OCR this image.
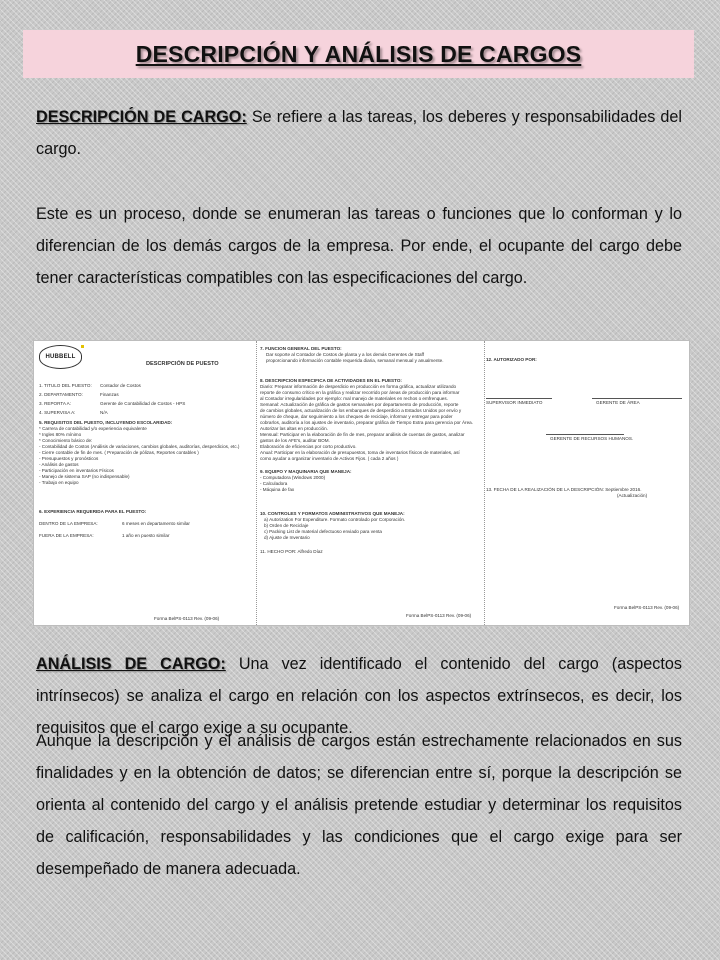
DESCRIPCIÓN Y ANÁLISIS DE CARGOS

DESCRIPCIÓN DE CARGO: Se refiere a las tareas, los deberes y responsabilidades del cargo.

Este es un proceso, donde se enumeran las tareas o funciones que lo conforman y lo diferencian de los demás cargos de la empresa. Por ende, el ocupante del cargo debe tener características compatibles con las especificaciones del cargo.

HUBBELL
DESCRIPCIÓN DE PUESTO
1. TITULO DEL PUESTO: Contador de Costos
2. DEPARTAMENTO:	Finanzas
3. REPORTA A:	Gerente de Contabilidad de Costos - HPS
4. SUPERVISA A:	N/A
5. REQUISITOS DEL PUESTO, INCLUYENDO ESCOLARIDAD:
* Carrera de contabilidad y/o experiencia equivalente
* Ingles 80% mínimo
* Conocimiento básico de:
- Contabilidad de Costos (Análisis de variaciones, cambios globales, auditorías, desperdicios, etc.)
- Cierre contable de fin de mes. ( Preparación de pólizas, Reportes contables )
- Presupuestos y pronósticos
- Análisis de gastos
- Participación en inventarios Físicos
- Manejo de sistema SAP (no indispensable)
- Trabajo en equipo
6. EXPERIENCIA REQUERIDA PARA EL PUESTO:
DENTRO DE LA EMPRESA:	6 meses en departamento similar
FUERA DE LA EMPRESA:	1 año en puesto similar
Forma BelPS-0113 Rev. (09-06)
7. FUNCION GENERAL DEL PUESTO:
Dar soporte al Contador de Costos de planta y a los demás Gerentes de Staff
proporcionando información contable requerida diaria, semanal mensual y anualmente.
8. DESCRIPCION ESPECIFICA DE ACTIVIDADES EN EL PUESTO:
Diario: Preparar información de desperdicio en producción en forma gráfica, actualizar utilizando
reporte de consumo crítico en la gráfica y realizar recorrido por áreas de producción para informar
al Contador irregularidades por ejemplo: mal manejo de materiales en rechos o emfrenques.
Semanal: Actualización de gráfica de gastos semanales por departamento de producción, reporte
de cambios globales, actualización de los embarques de desperdicio a Estados Unidos por envío y
número de cheque, dar seguimiento a los cheques de reciclaje, informar y entregar para poder
cobrarlos, auditoría a los ajustes de inventario, preparar gráfica de Tiempo Extra para gerencia por Área.
Autorizar las altas en producción.
Mensual: Participar en la elaboración de fin de mes, preparar análisis de cuentas de gastos, analizar
gastos de los AFE's, auditar BOM.
Elaboración de eficiencias por corto productivo.
Anual: Participar en la elaboración de presupuestos, toma de inventarios físicos de materiales, así
como ayudar a organizar inventario de Activos Fijos. ( cada 2 años )
9. EQUIPO Y MAQUINARIA QUE MANEJA:
- Computadora (Windows 2000)
- Calculadora
- Máquina de fax
10. CONTROLES Y FORMATOS ADMINISTRATIVOS QUE MANEJA:
a) Autorization For Expenditure. Formato controlado por Corporación.
b) Orden de Reciclaje
c) Packing List de material defectuoso enviado para venta
d) Ajuste de Inventario
11. HECHO POR: Alfredo Díaz
Forma BelPS-0113 Rev. (09-06)
12. AUTORIZADO POR:
SUPERVISOR INMEDIATO	GERENTE DE ÁREA
GERENTE DE RECURSOS HUMANOS.
13. FECHA DE LA REALIZACIÓN DE LA DESCRIPCIÓN: Septiembre 2016.
(Actualización)
Forma BelPS-0113 Rev. (09-06)

ANÁLISIS DE CARGO: Una vez identificado el contenido del cargo (aspectos intrínsecos) se analiza el cargo en relación con los aspectos extrínsecos, es decir, los requisitos que el cargo exige a su ocupante.

Aunque la descripción y el análisis de cargos están estrechamente relacionados en sus finalidades y en la obtención de datos; se diferencian entre sí, porque la descripción se orienta al contenido del cargo y el análisis pretende estudiar y determinar los requisitos de calificación, responsabilidades y las condiciones que el cargo exige para ser desempeñado de manera adecuada.
